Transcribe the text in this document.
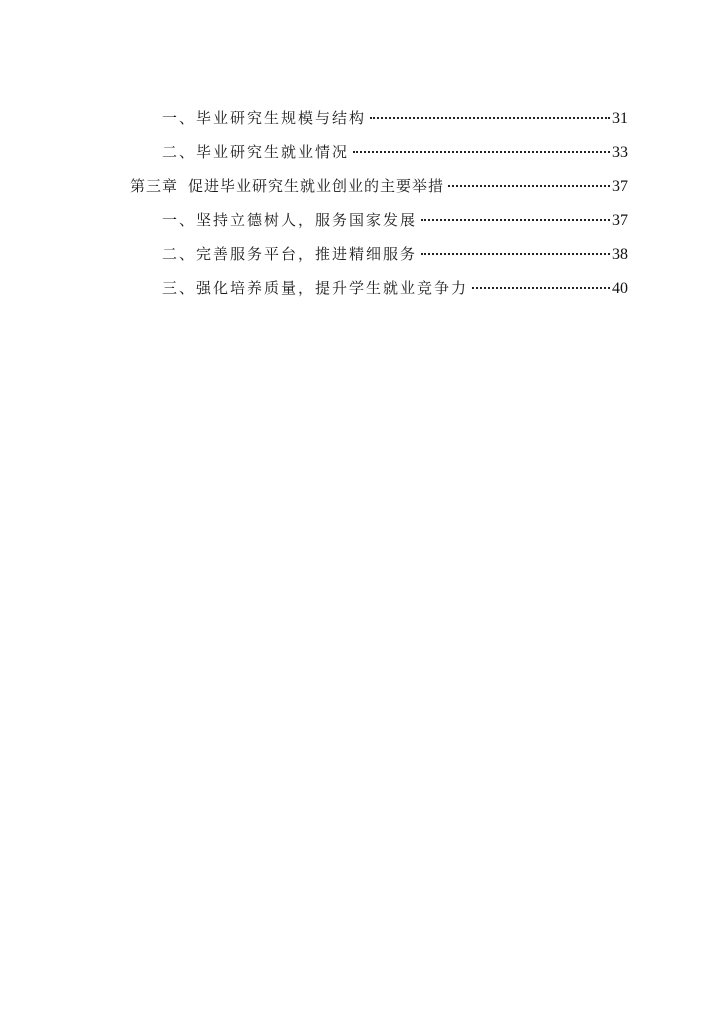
一、毕业研究生规模与结构	31
二、毕业研究生就业情况	33
第三章 促进毕业研究生就业创业的主要举措	37
一、坚持立德树人，服务国家发展	37
二、完善服务平台，推进精细服务	38
三、强化培养质量，提升学生就业竞争力	40
